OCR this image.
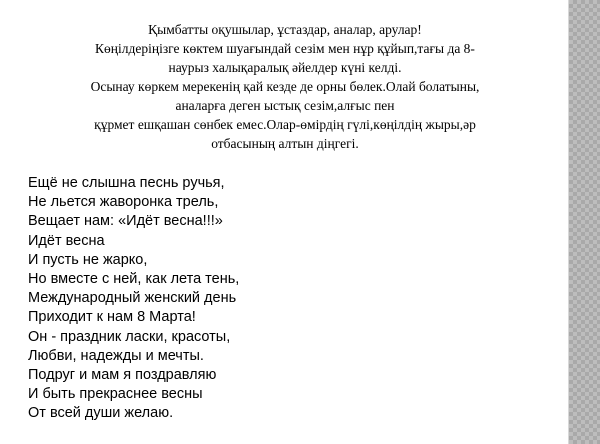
Қымбатты оқушылар, ұстаздар, аналар, арулар!
Көңілдеріңізге көктем шуағындай сезім мен нұр құйып,тағы да 8-
наурыз халықаралық әйелдер күні келді.
Осынау көркем мерекенің қай кезде де орны бөлек.Олай болатыны,
аналарға деген ыстық сезім,алғыс пен
құрмет ешқашан сөнбек емес.Олар-өмірдің гүлі,көңілдің жыры,әр
отбасының алтын діңгегі.
Ещё не слышна песнь ручья,
Не льется жаворонка трель,
Вещает нам: «Идёт весна!!!»
Идёт весна
И пусть не жарко,
Но вместе с ней, как лета тень,
Международный женский день
Приходит к нам 8 Марта!
Он - праздник ласки, красоты,
Любви, надежды и мечты.
Подруг и мам я поздравляю
И быть прекраснее весны
От всей души желаю.
